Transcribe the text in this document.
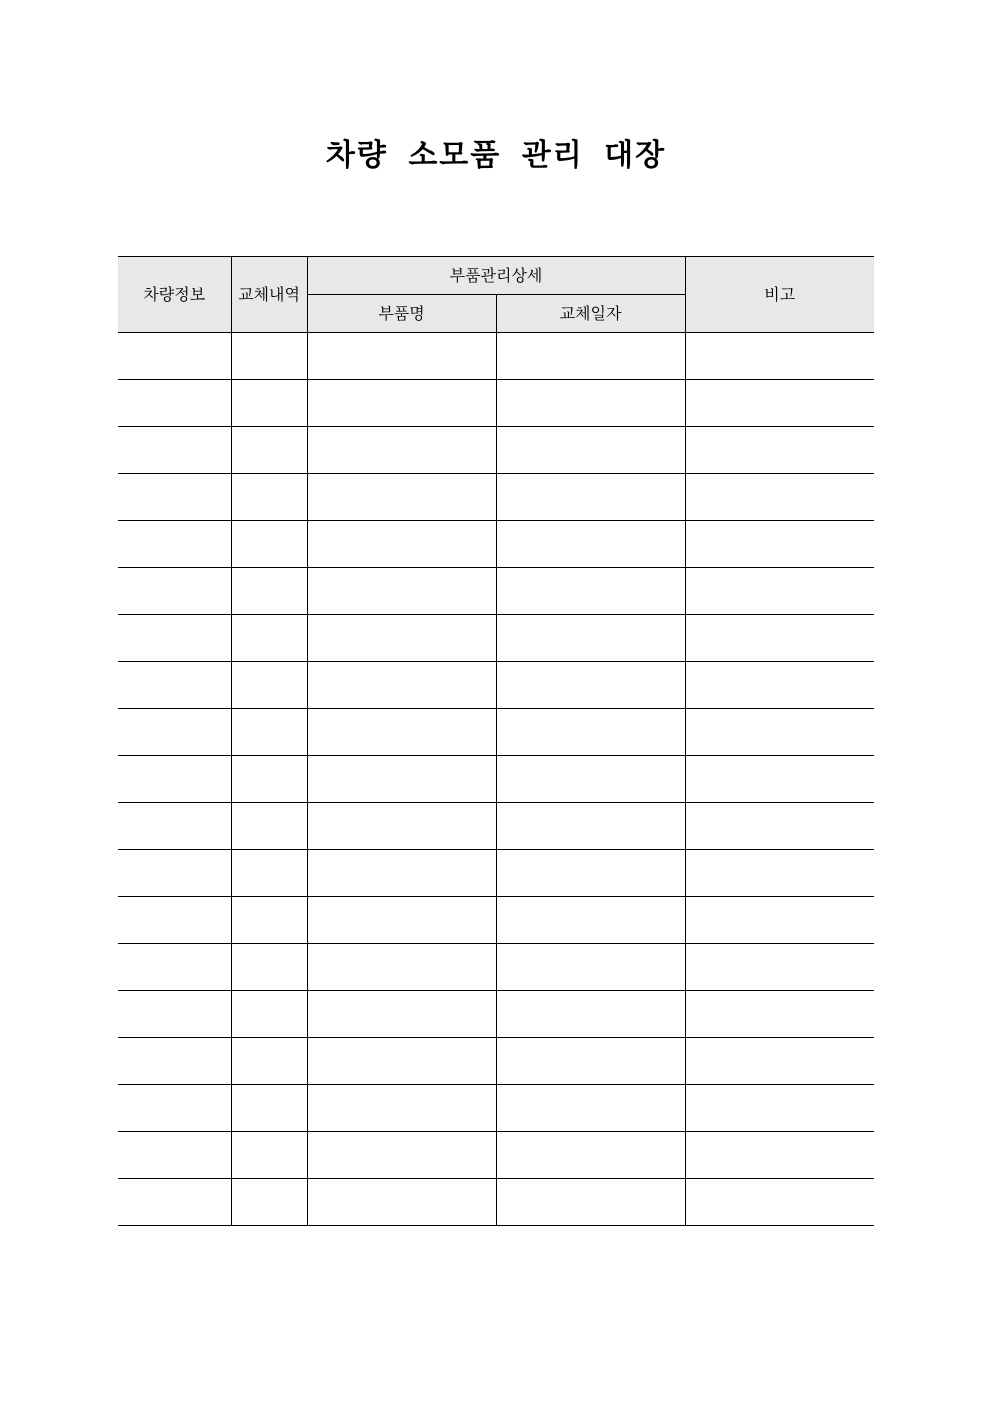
차량 소모품 관리 대장
차량정보	교체내역	부품관리상세		비고
		부품명	교체일자	
